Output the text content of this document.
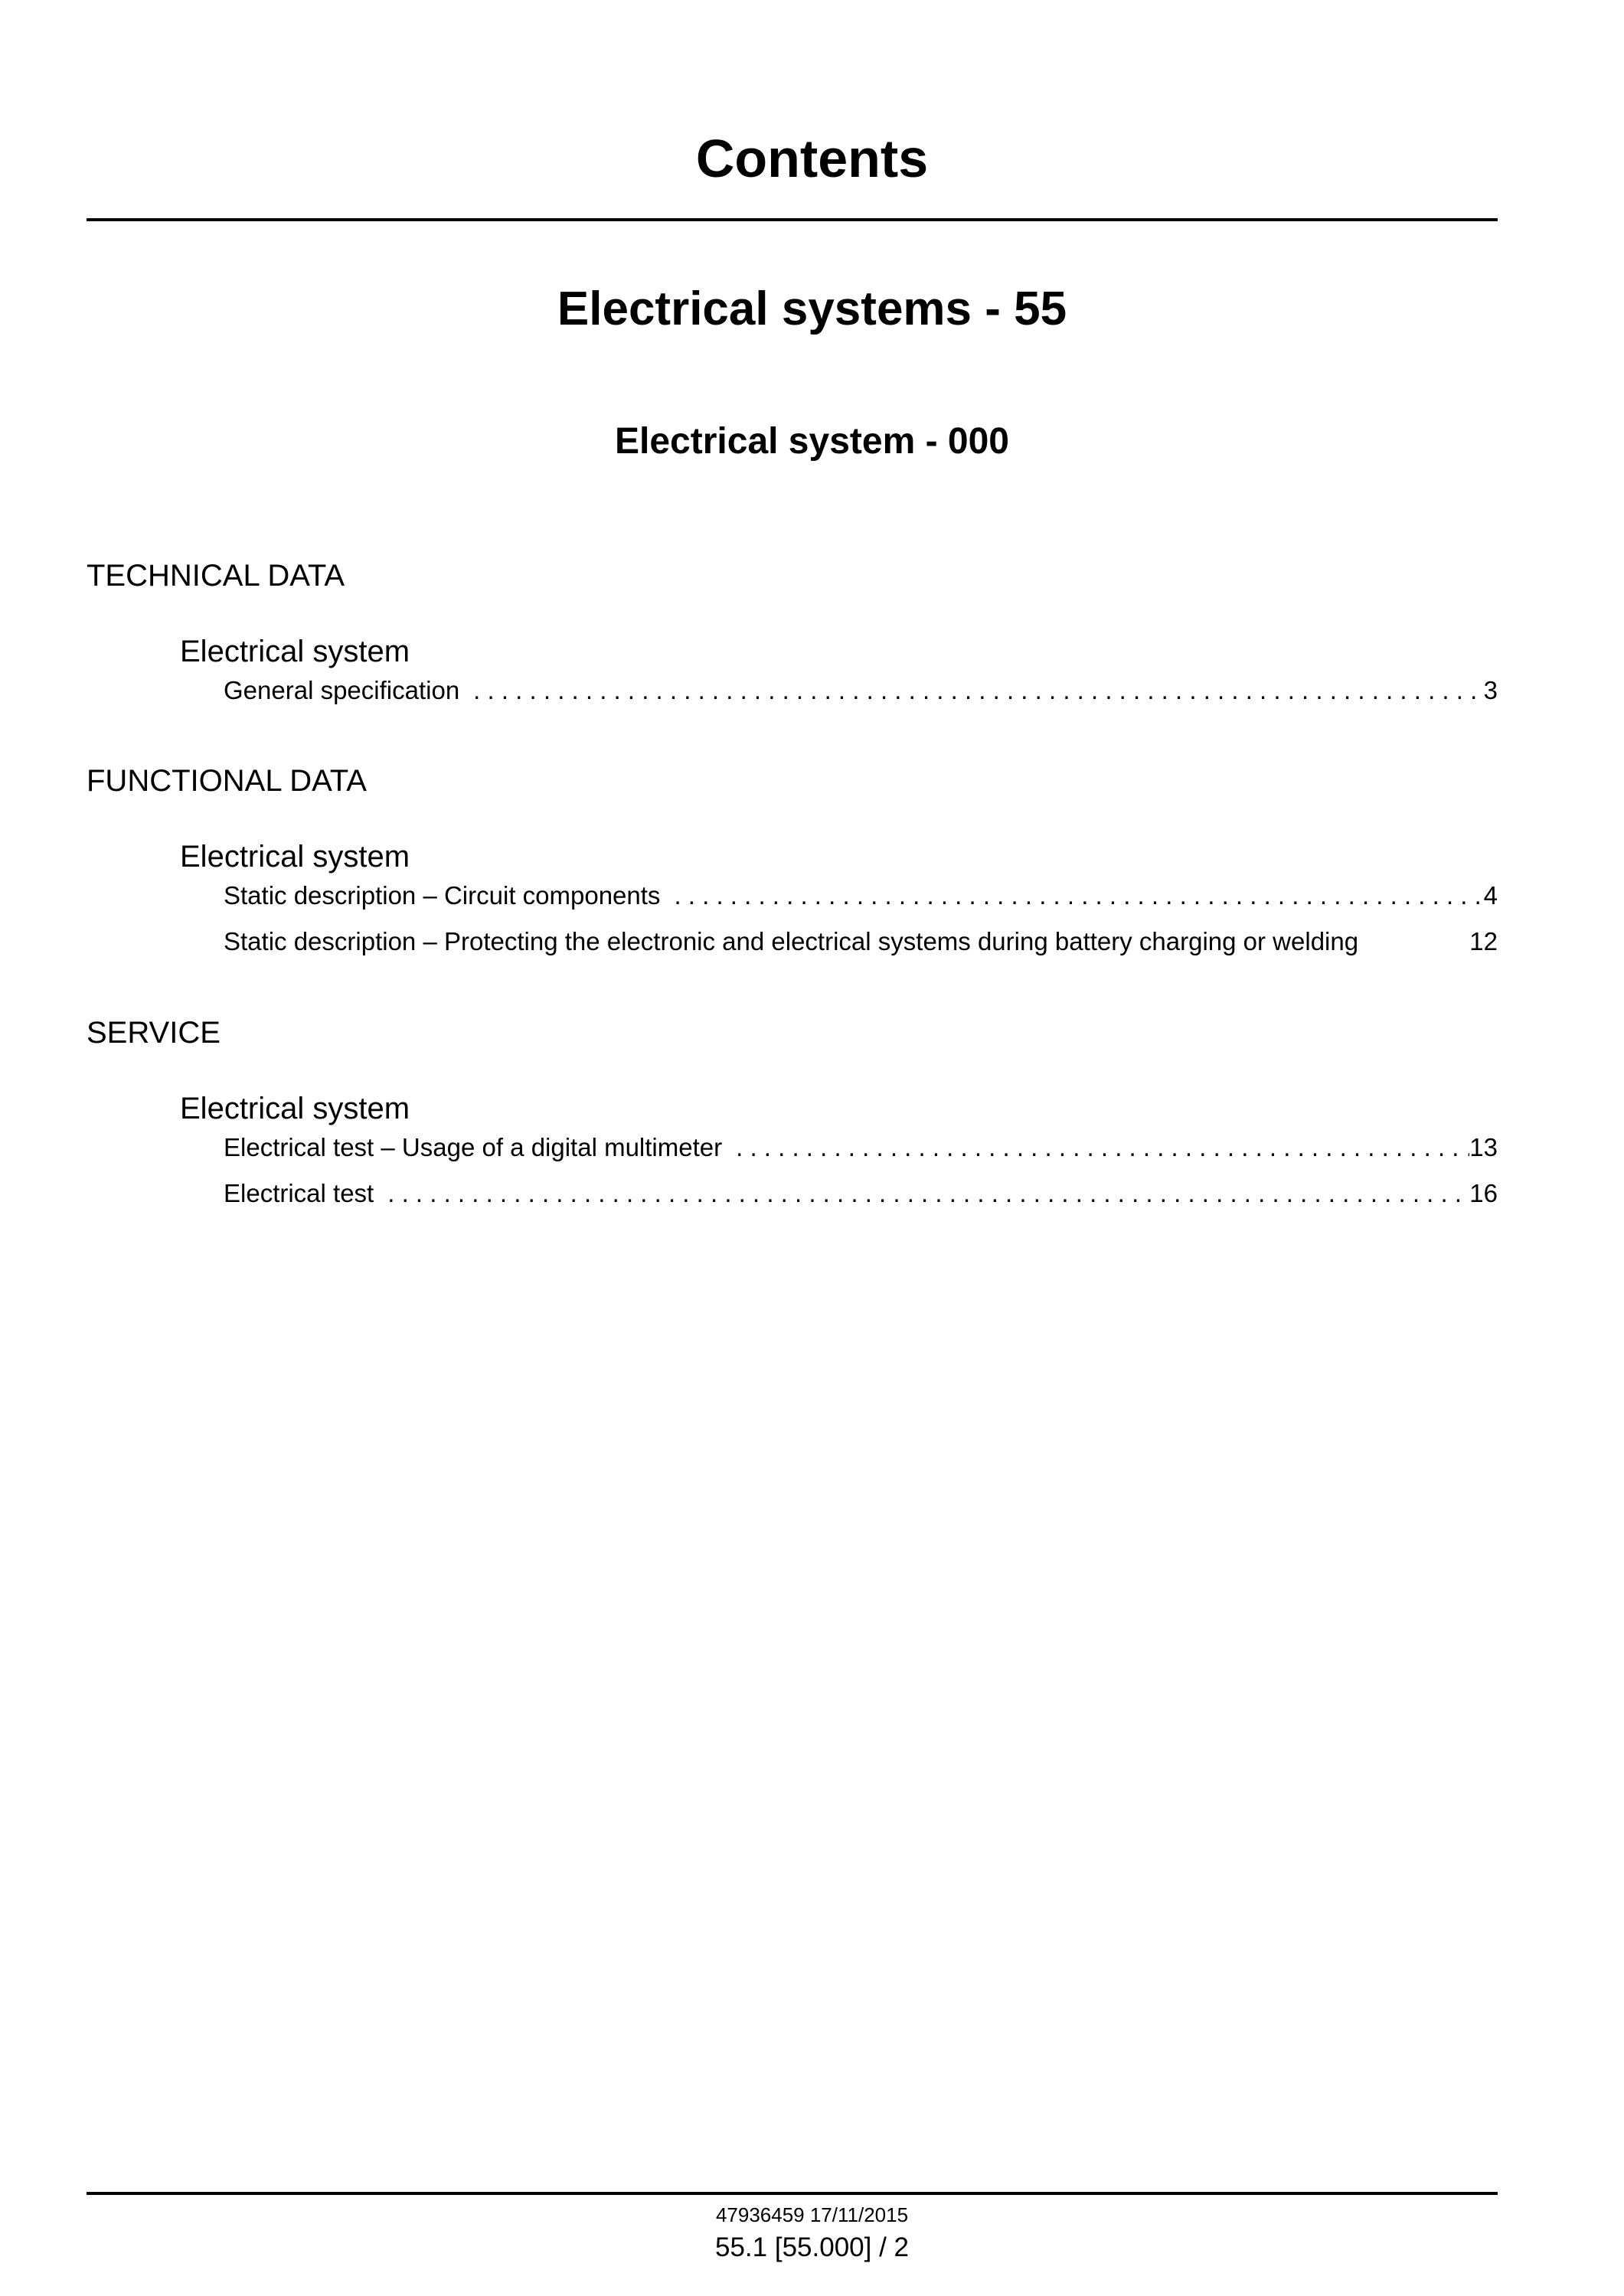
Contents
Electrical systems - 55
Electrical system - 000
TECHNICAL DATA
Electrical system
General specification . . .	3
FUNCTIONAL DATA
Electrical system
Static description – Circuit components . . .	4
Static description – Protecting the electronic and electrical systems during battery charging or welding	12
SERVICE
Electrical system
Electrical test – Usage of a digital multimeter . . .	13
Electrical test . . .	16
47936459 17/11/2015
55.1 [55.000] / 2
